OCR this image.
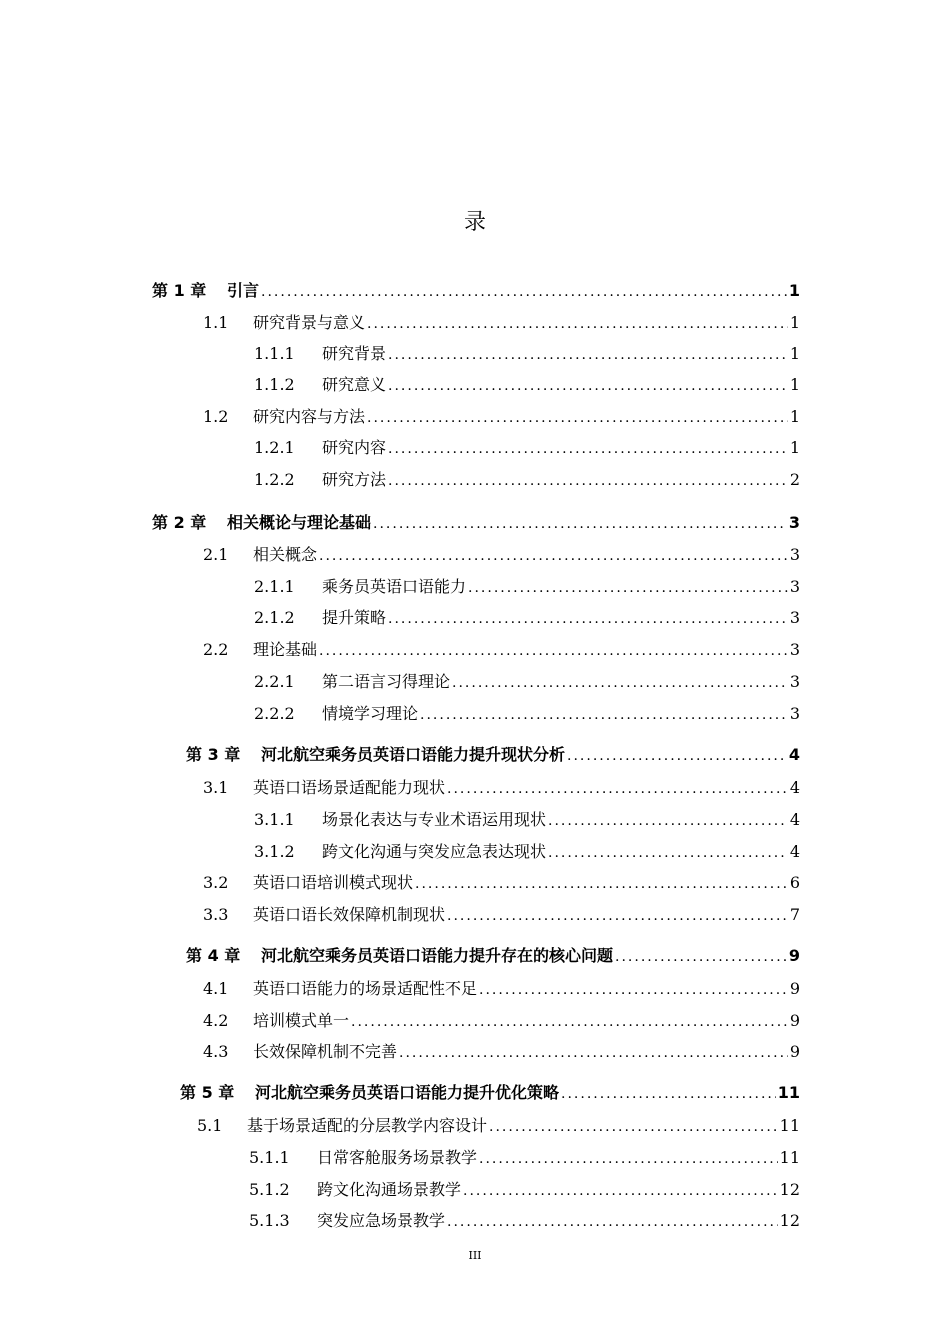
录
第 1 章	引言 .....	1
1.1	研究背景与意义 .....	1
1.1.1	研究背景 .....	1
1.1.2	研究意义 .....	1
1.2	研究内容与方法 .....	1
1.2.1	研究内容 .....	1
1.2.2	研究方法 .....	2
第 2 章	相关概论与理论基础 .....	3
2.1	相关概念 .....	3
2.1.1	乘务员英语口语能力 .....	3
2.1.2	提升策略 .....	3
2.2	理论基础 .....	3
2.2.1	第二语言习得理论 .....	3
2.2.2	情境学习理论 .....	3
第 3 章	河北航空乘务员英语口语能力提升现状分析 .....	4
3.1	英语口语场景适配能力现状 .....	4
3.1.1	场景化表达与专业术语运用现状 .....	4
3.1.2	跨文化沟通与突发应急表达现状 .....	4
3.2	英语口语培训模式现状 .....	6
3.3	英语口语长效保障机制现状 .....	7
第 4 章	河北航空乘务员英语口语能力提升存在的核心问题 .....	9
4.1	英语口语能力的场景适配性不足 .....	9
4.2	培训模式单一 .....	9
4.3	长效保障机制不完善 .....	9
第 5 章	河北航空乘务员英语口语能力提升优化策略 .....	11
5.1	基于场景适配的分层教学内容设计 .....	11
5.1.1	日常客舱服务场景教学 .....	11
5.1.2	跨文化沟通场景教学 .....	12
5.1.3	突发应急场景教学 .....	12
III
